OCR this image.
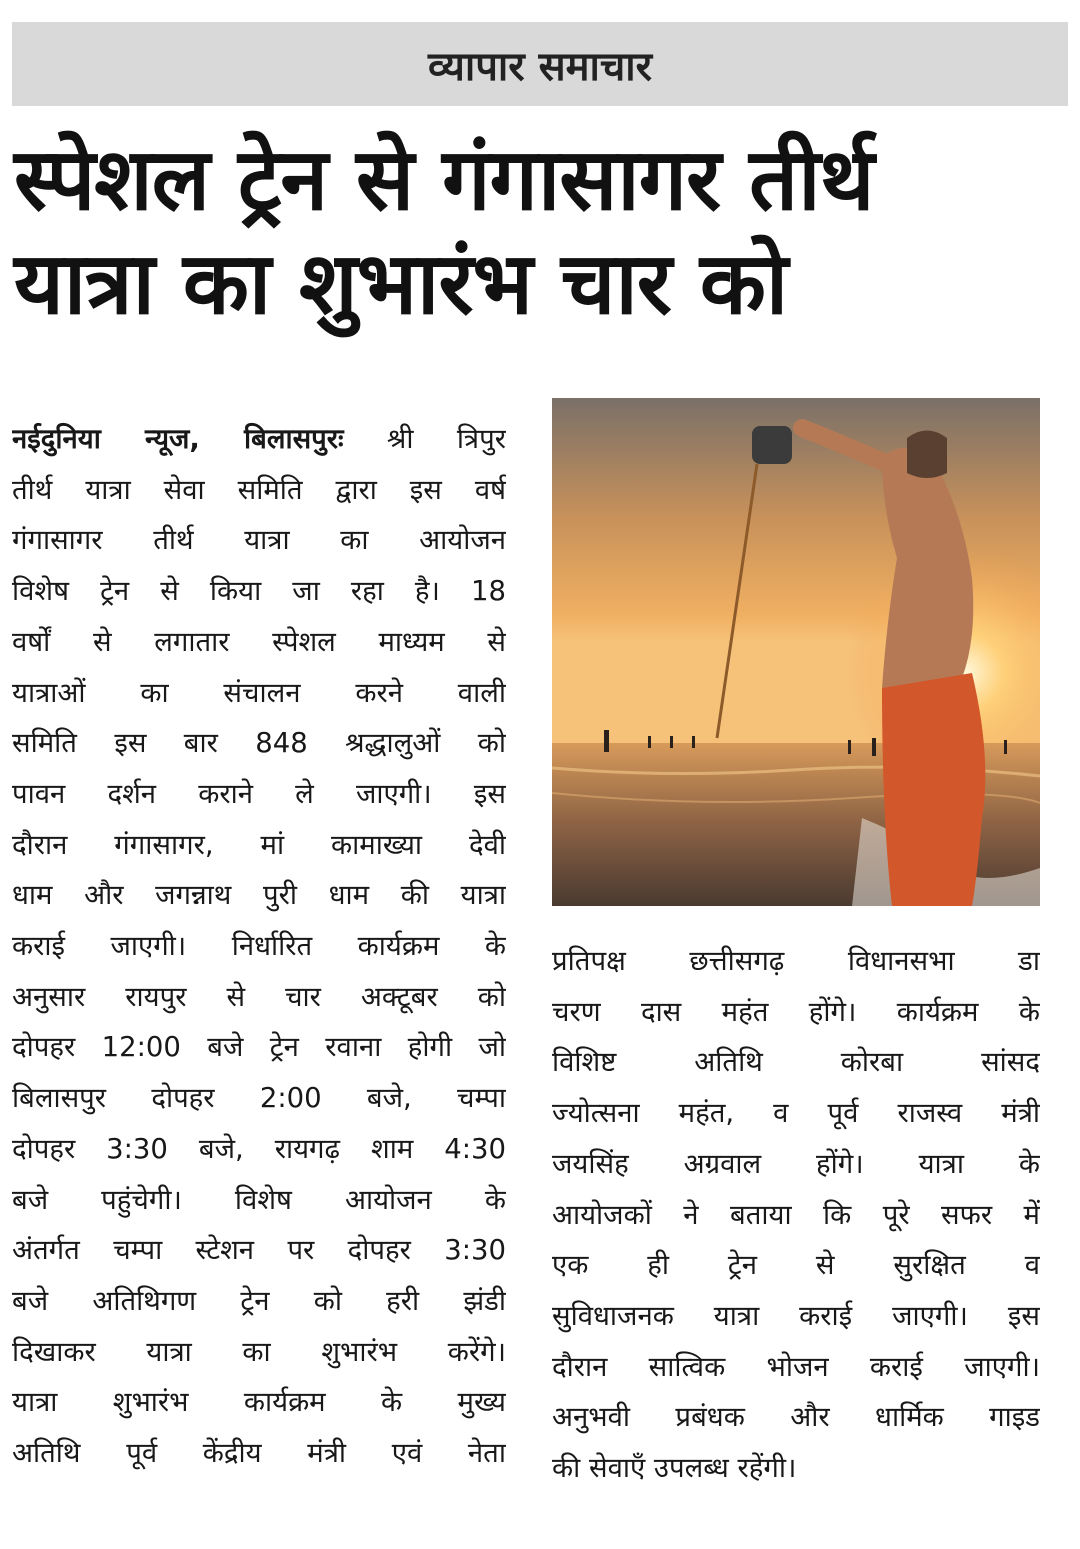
व्यापार समाचार
स्पेशल ट्रेन से गंगासागर तीर्थ
यात्रा का शुभारंभ चार को
नईदुनिया न्यूज, बिलासपुरः श्री त्रिपुर
तीर्थ यात्रा सेवा समिति द्वारा इस वर्ष
गंगासागर तीर्थ यात्रा का आयोजन
विशेष ट्रेन से किया जा रहा है। 18
वर्षों से लगातार स्पेशल माध्यम से
यात्राओं का संचालन करने वाली
समिति इस बार 848 श्रद्धालुओं को
पावन दर्शन कराने ले जाएगी। इस
दौरान गंगासागर, मां कामाख्या देवी
धाम और जगन्नाथ पुरी धाम की यात्रा
कराई जाएगी। निर्धारित कार्यक्रम के
अनुसार रायपुर से चार अक्टूबर को
दोपहर 12:00 बजे ट्रेन रवाना होगी जो
बिलासपुर दोपहर 2:00 बजे, चम्पा
दोपहर 3:30 बजे, रायगढ़ शाम 4:30
बजे पहुंचेगी। विशेष आयोजन के
अंतर्गत चम्पा स्टेशन पर दोपहर 3:30
बजे अतिथिगण ट्रेन को हरी झंडी
दिखाकर यात्रा का शुभारंभ करेंगे।
यात्रा शुभारंभ कार्यक्रम के मुख्य
अतिथि पूर्व केंद्रीय मंत्री एवं नेता
प्रतिपक्ष छत्तीसगढ़ विधानसभा डा
चरण दास महंत होंगे। कार्यक्रम के
विशिष्ट अतिथि कोरबा सांसद
ज्योत्सना महंत, व पूर्व राजस्व मंत्री
जयसिंह अग्रवाल होंगे। यात्रा के
आयोजकों ने बताया कि पूरे सफर में
एक ही ट्रेन से सुरक्षित व
सुविधाजनक यात्रा कराई जाएगी। इस
दौरान सात्विक भोजन कराई जाएगी।
अनुभवी प्रबंधक और धार्मिक गाइड
की सेवाएँ उपलब्ध रहेंगी।
